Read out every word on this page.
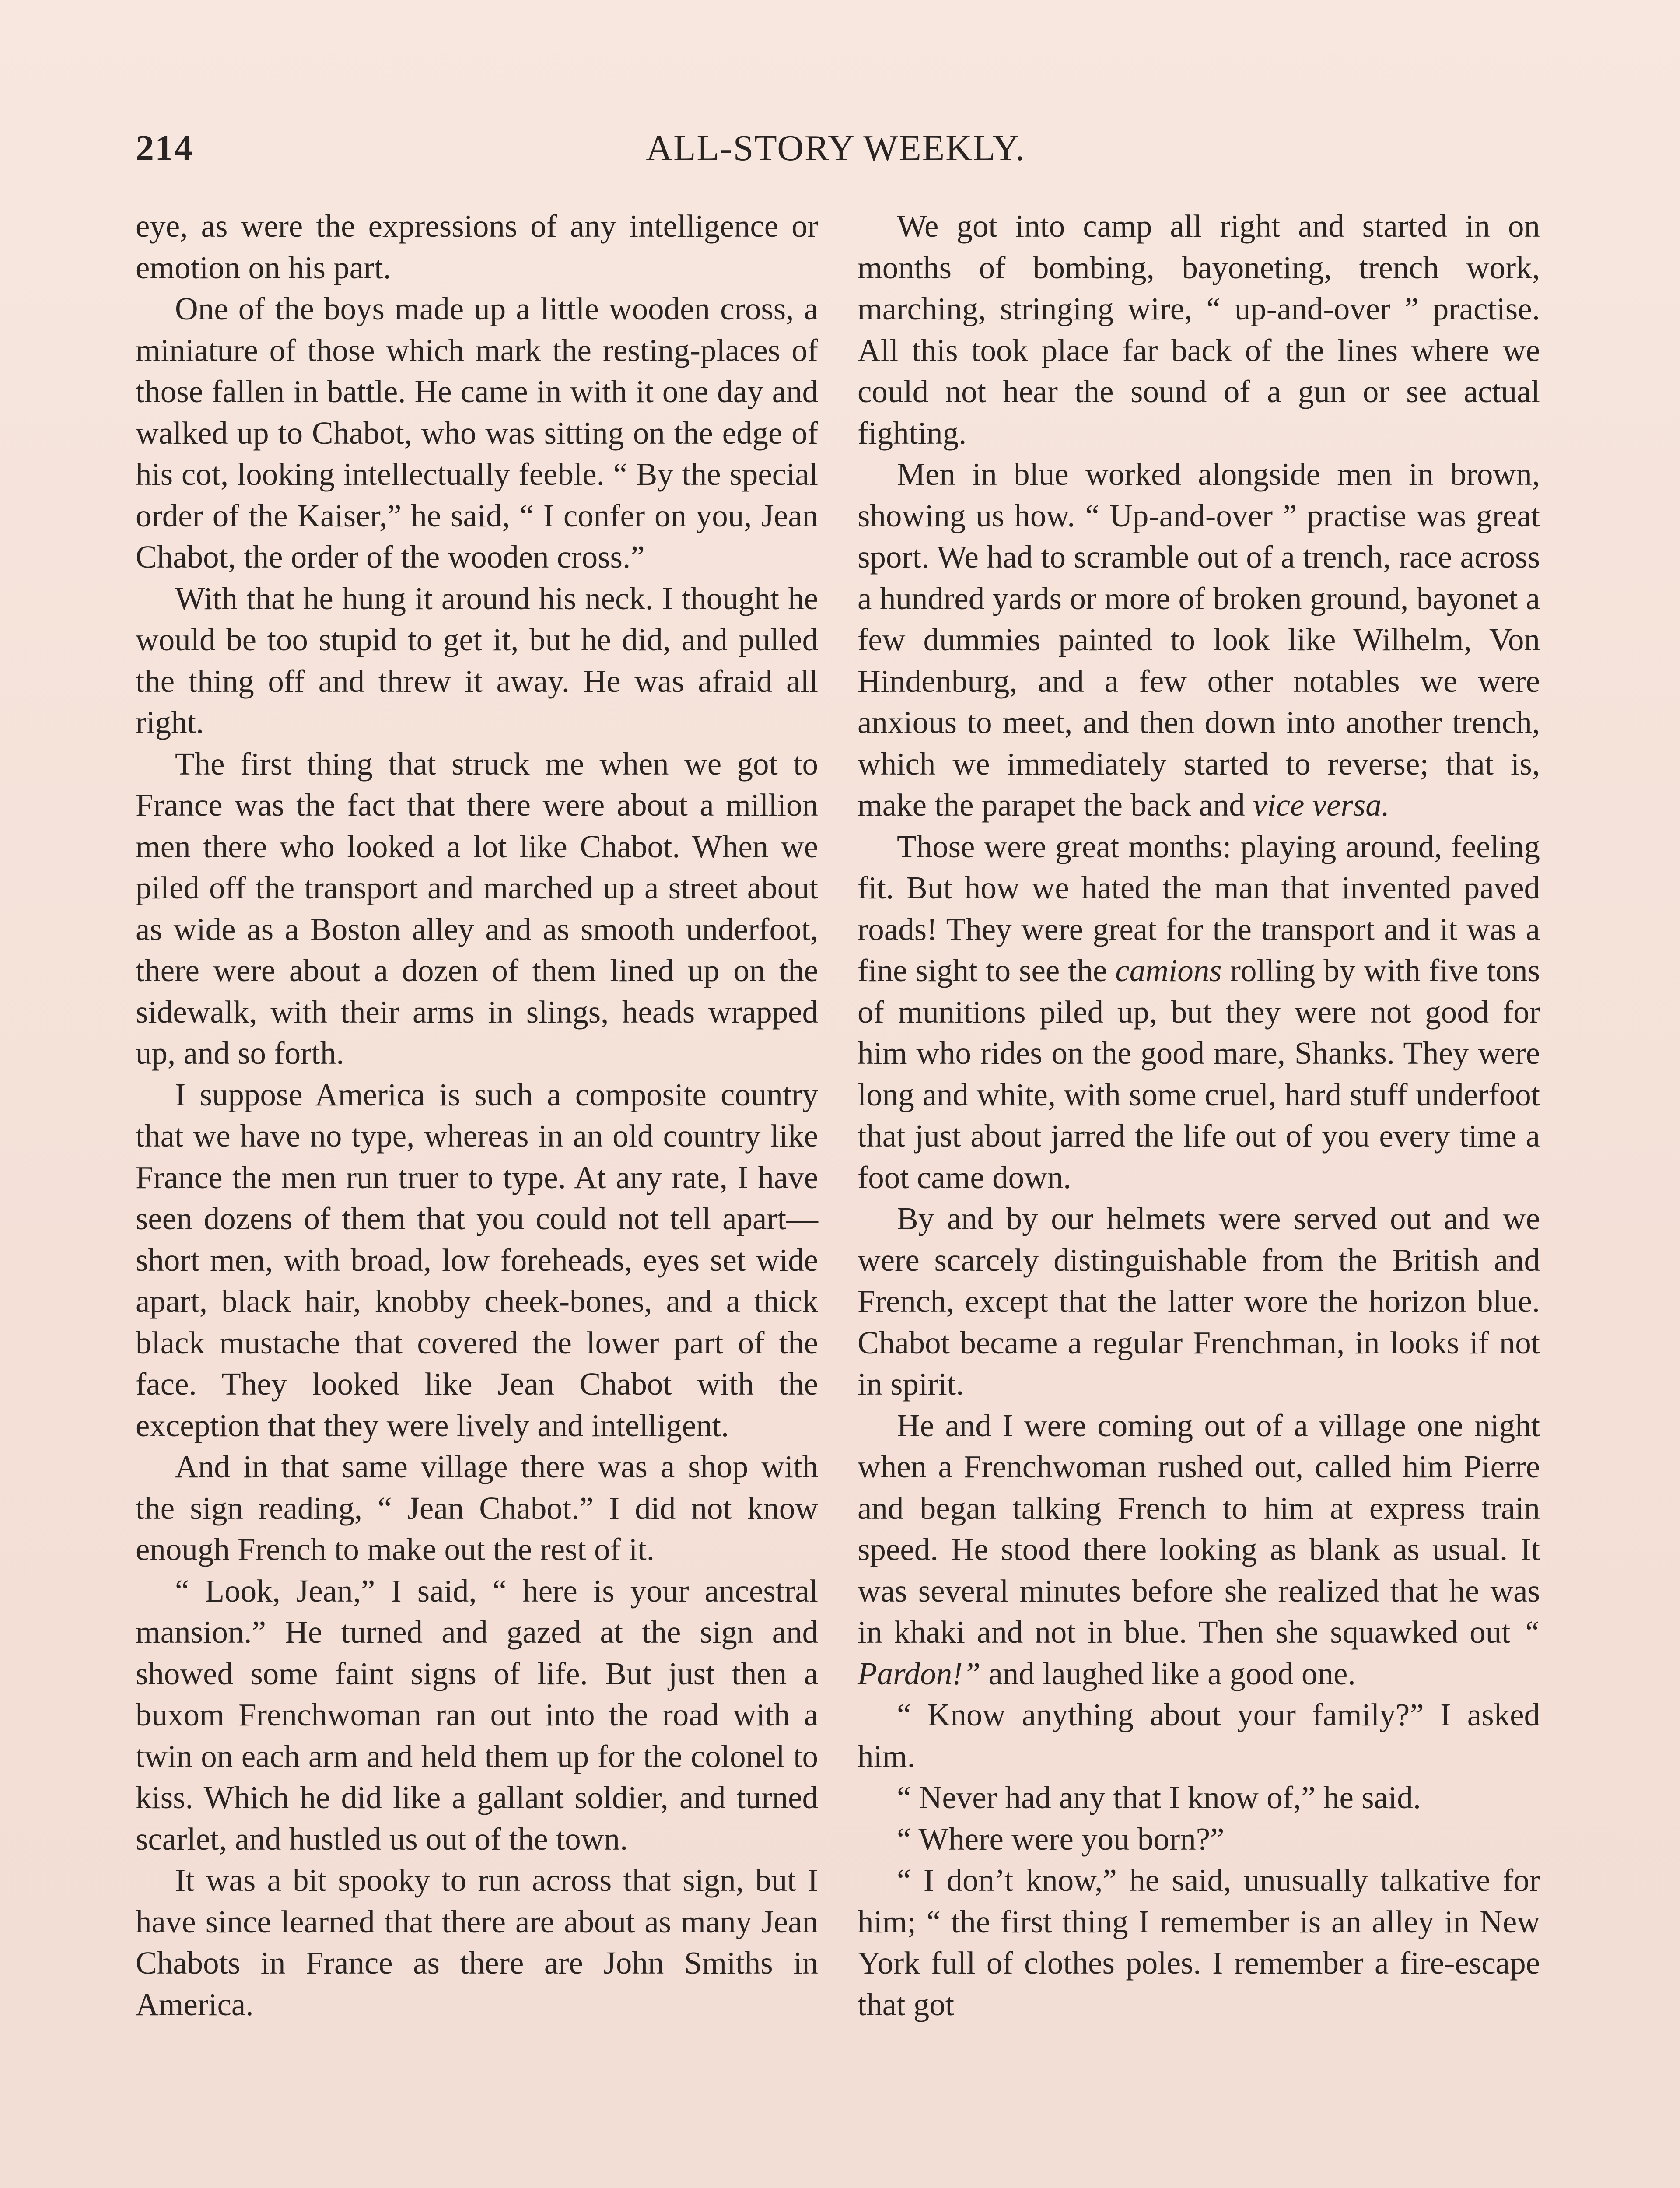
214	ALL-STORY WEEKLY.

eye, as were the expressions of any intelligence or emotion on his part.

One of the boys made up a little wooden cross, a miniature of those which mark the resting-places of those fallen in battle. He came in with it one day and walked up to Chabot, who was sitting on the edge of his cot, looking intellectually feeble. “ By the special order of the Kaiser,” he said, “ I confer on you, Jean Chabot, the order of the wooden cross.”

With that he hung it around his neck. I thought he would be too stupid to get it, but he did, and pulled the thing off and threw it away. He was afraid all right.

The first thing that struck me when we got to France was the fact that there were about a million men there who looked a lot like Chabot. When we piled off the transport and marched up a street about as wide as a Boston alley and as smooth underfoot, there were about a dozen of them lined up on the sidewalk, with their arms in slings, heads wrapped up, and so forth.

I suppose America is such a composite country that we have no type, whereas in an old country like France the men run truer to type. At any rate, I have seen dozens of them that you could not tell apart—short men, with broad, low foreheads, eyes set wide apart, black hair, knobby cheek-bones, and a thick black mustache that covered the lower part of the face. They looked like Jean Chabot with the exception that they were lively and intelligent.

And in that same village there was a shop with the sign reading, “ Jean Chabot.” I did not know enough French to make out the rest of it.

“ Look, Jean,” I said, “ here is your ancestral mansion.” He turned and gazed at the sign and showed some faint signs of life. But just then a buxom Frenchwoman ran out into the road with a twin on each arm and held them up for the colonel to kiss. Which he did like a gallant soldier, and turned scarlet, and hustled us out of the town.

It was a bit spooky to run across that sign, but I have since learned that there are about as many Jean Chabots in France as there are John Smiths in America.

We got into camp all right and started in on months of bombing, bayoneting, trench work, marching, stringing wire, “ up-and-over ” practise. All this took place far back of the lines where we could not hear the sound of a gun or see actual fighting.

Men in blue worked alongside men in brown, showing us how. “ Up-and-over ” practise was great sport. We had to scramble out of a trench, race across a hundred yards or more of broken ground, bayonet a few dummies painted to look like Wilhelm, Von Hindenburg, and a few other notables we were anxious to meet, and then down into another trench, which we immediately started to reverse; that is, make the parapet the back and vice versa.

Those were great months: playing around, feeling fit. But how we hated the man that invented paved roads! They were great for the transport and it was a fine sight to see the camions rolling by with five tons of munitions piled up, but they were not good for him who rides on the good mare, Shanks. They were long and white, with some cruel, hard stuff underfoot that just about jarred the life out of you every time a foot came down.

By and by our helmets were served out and we were scarcely distinguishable from the British and French, except that the latter wore the horizon blue. Chabot became a regular Frenchman, in looks if not in spirit.

He and I were coming out of a village one night when a Frenchwoman rushed out, called him Pierre and began talking French to him at express train speed. He stood there looking as blank as usual. It was several minutes before she realized that he was in khaki and not in blue. Then she squawked out “ Pardon!” and laughed like a good one.

“ Know anything about your family?” I asked him.

“ Never had any that I know of,” he said.

“ Where were you born?”

“ I don’t know,” he said, unusually talkative for him; “ the first thing I remember is an alley in New York full of clothes poles. I remember a fire-escape that got
